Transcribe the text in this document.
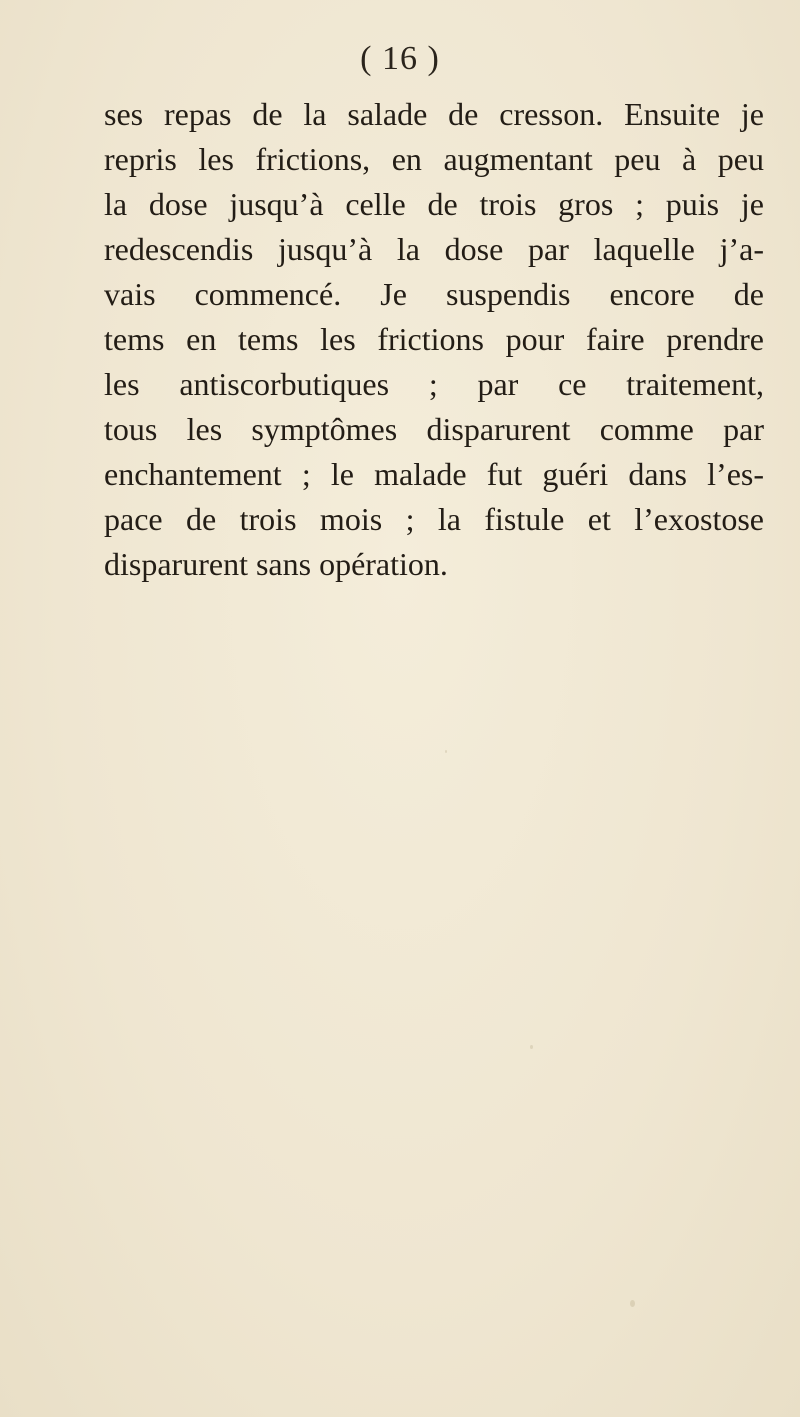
( 16 )
ses repas de la salade de cresson. Ensuite je
repris les frictions, en augmentant peu à peu
la dose jusqu’à celle de trois gros ; puis je
redescendis jusqu’à la dose par laquelle j’a-
vais commencé. Je suspendis encore de
tems en tems les frictions pour faire prendre
les antiscorbutiques ; par ce traitement,
tous les symptômes disparurent comme par
enchantement ; le malade fut guéri dans l’es-
pace de trois mois ; la fistule et l’exostose
disparurent sans opération.
